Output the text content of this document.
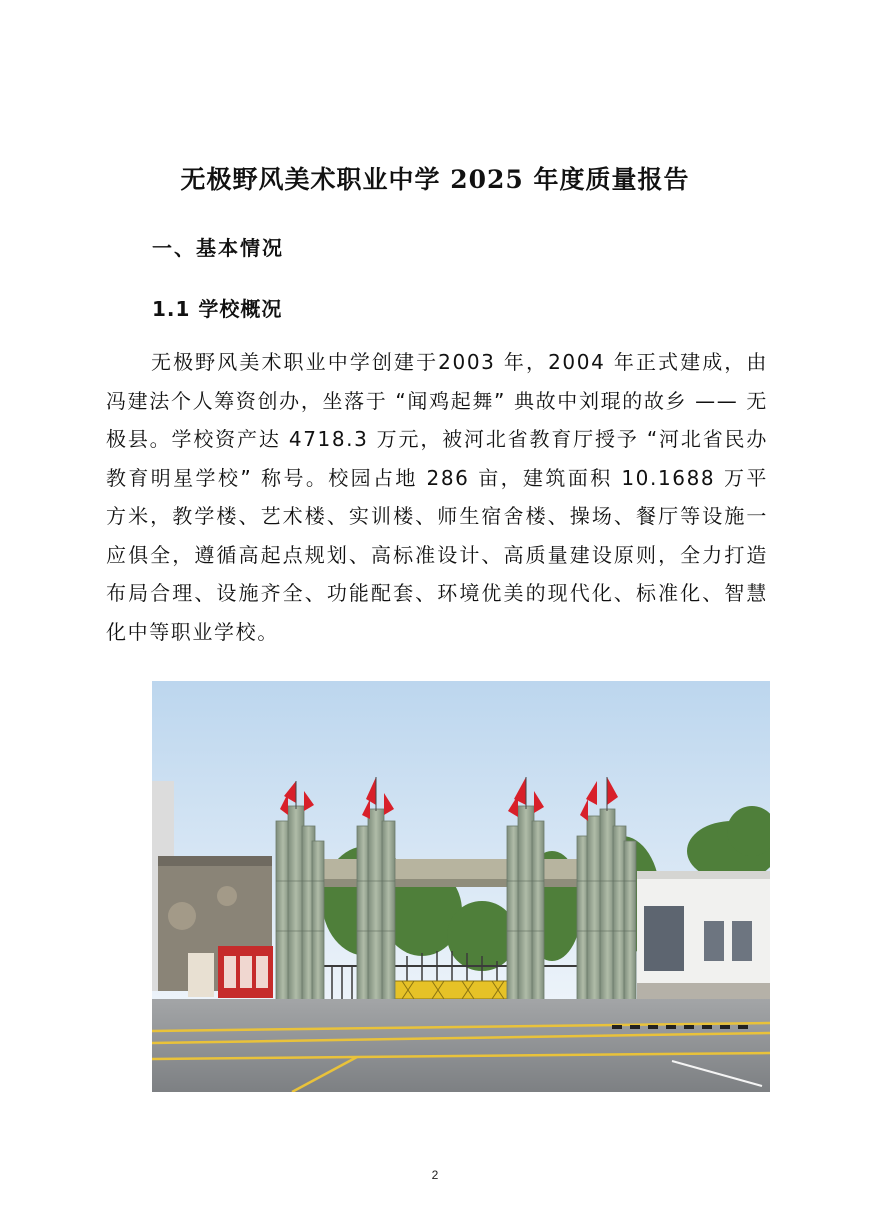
无极野风美术职业中学 2025 年度质量报告
一、基本情况
1.1 学校概况

无极野风美术职业中学创建于2003 年，2004 年正式建成，由冯建法个人筹资创办，坐落于 “闻鸡起舞” 典故中刘琨的故乡 —— 无极县。学校资产达 4718.3 万元，被河北省教育厅授予 “河北省民办教育明星学校” 称号。校园占地 286 亩，建筑面积 10.1688 万平方米，教学楼、艺术楼、实训楼、师生宿舍楼、操场、餐厅等设施一应俱全，遵循高起点规划、高标准设计、高质量建设原则，全力打造布局合理、设施齐全、功能配套、环境优美的现代化、标准化、智慧化中等职业学校。

2
